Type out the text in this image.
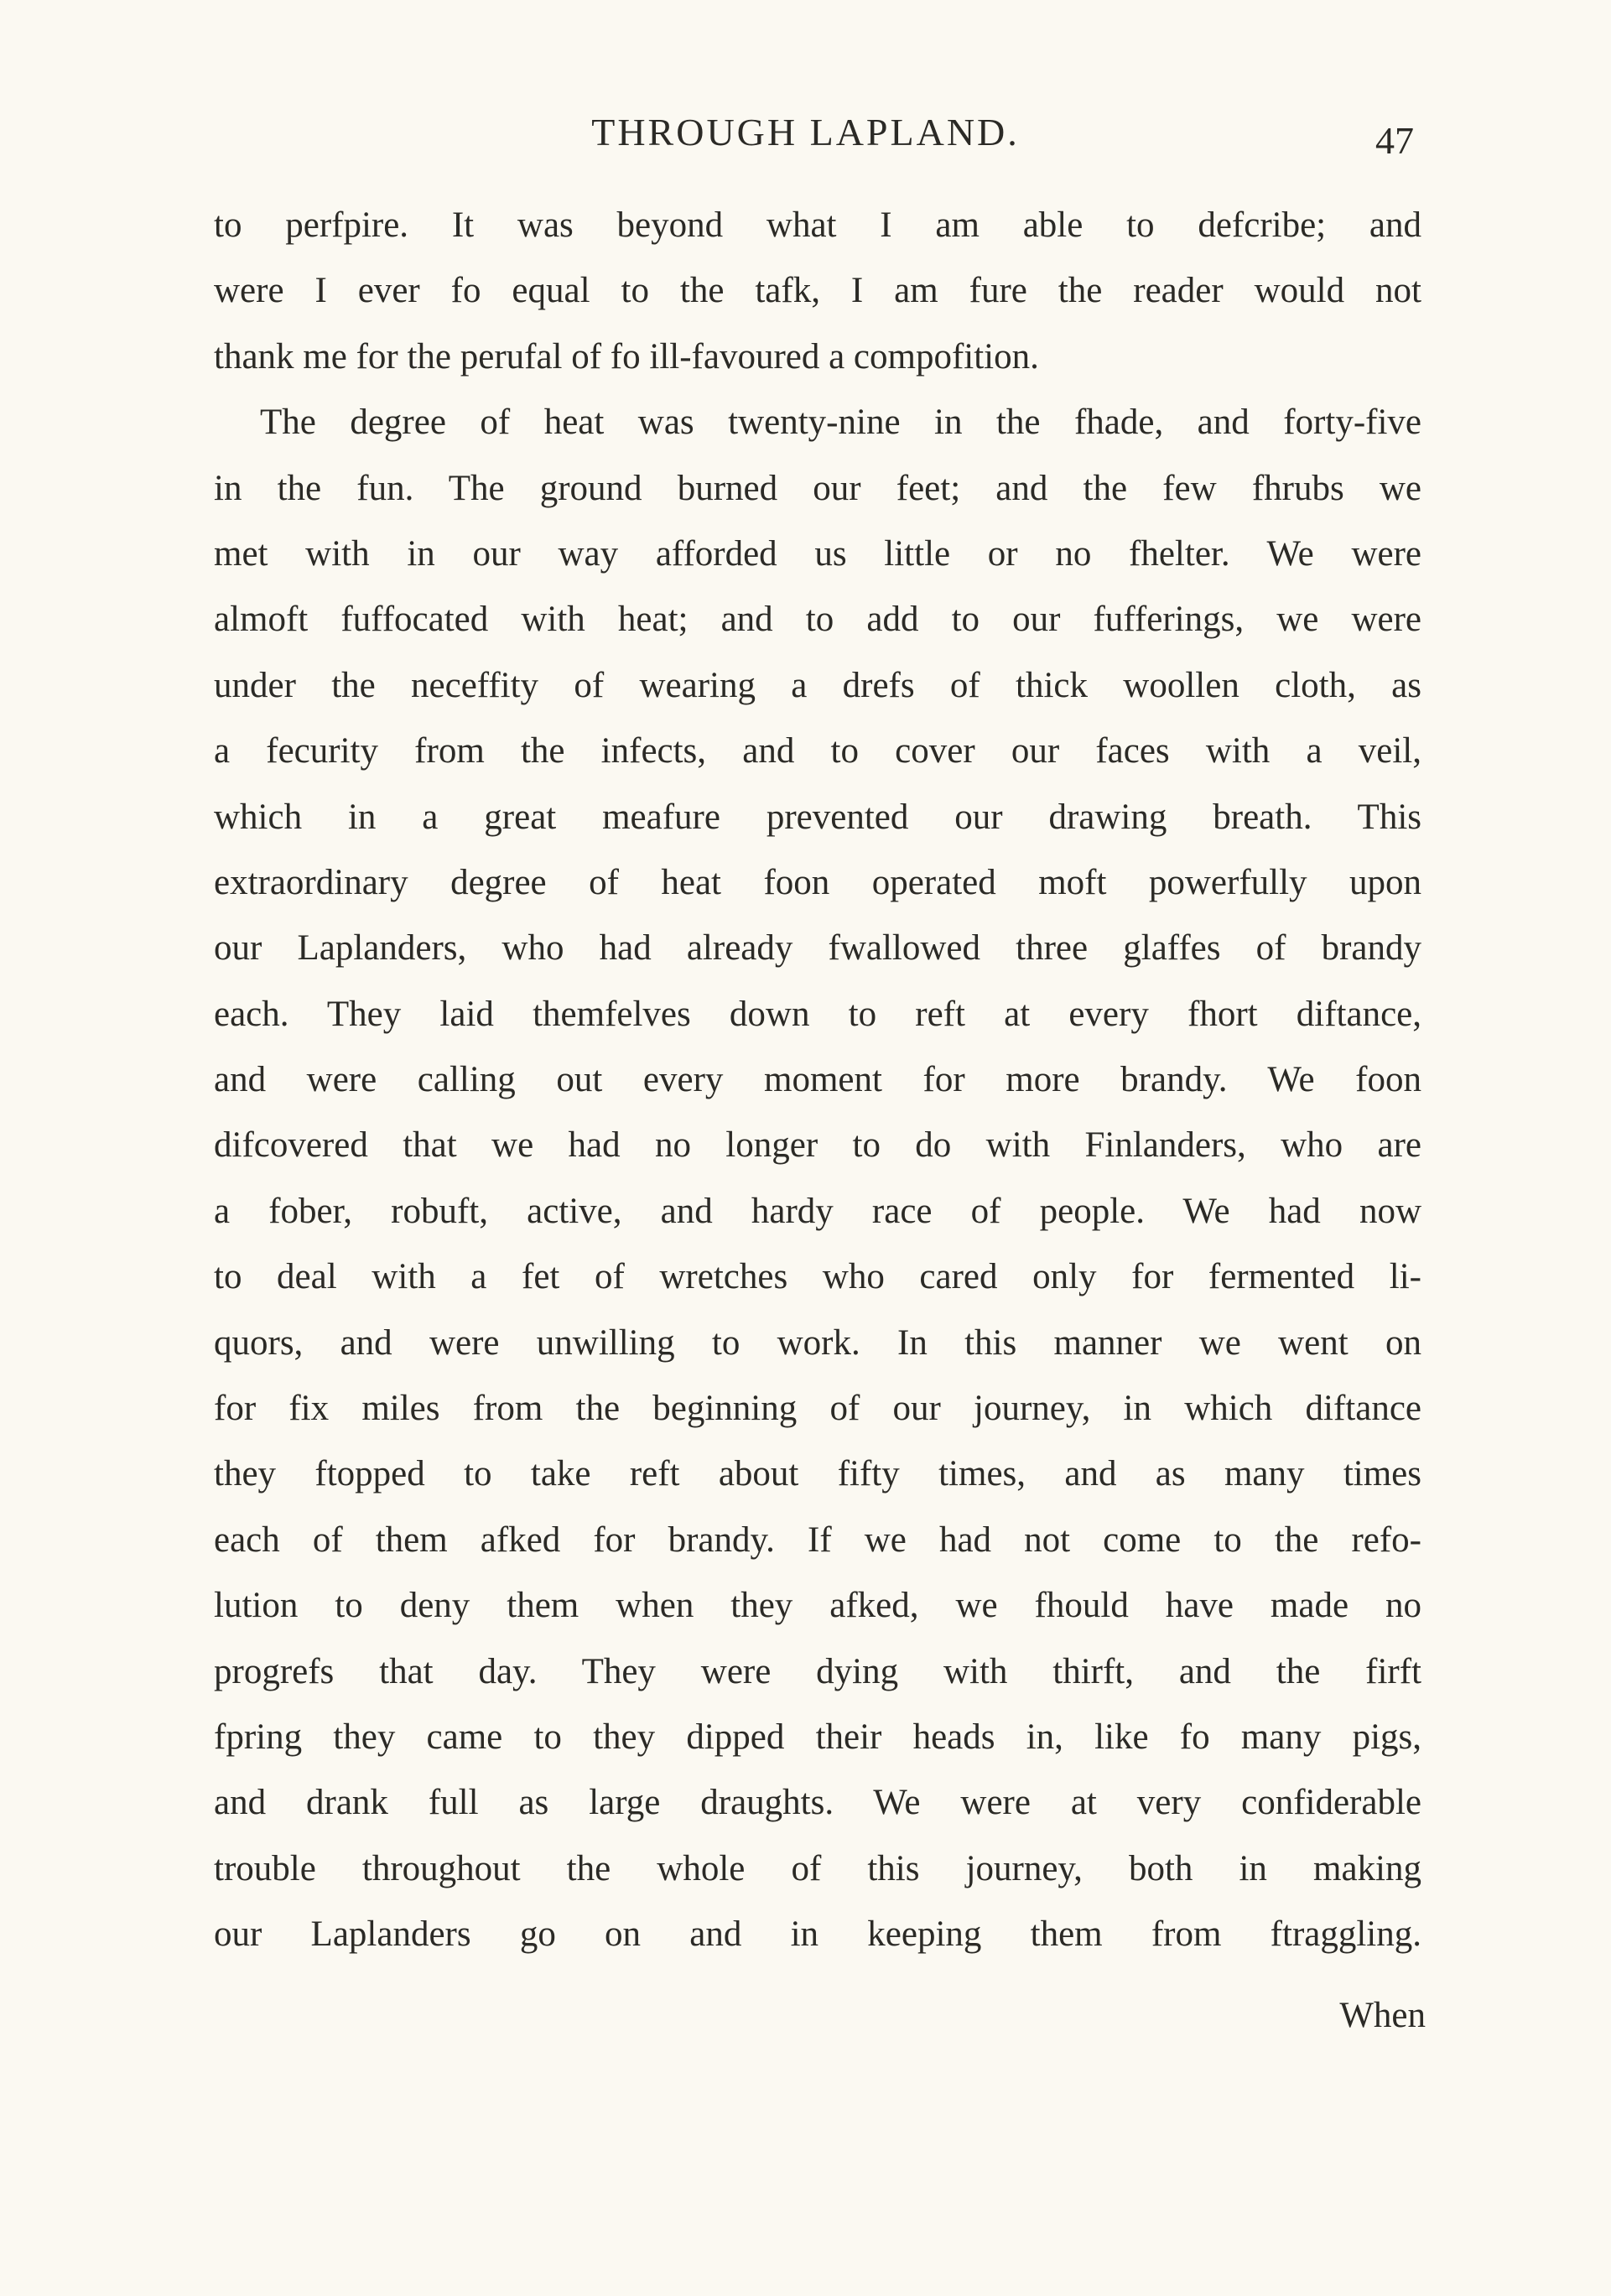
THROUGH LAPLAND.	47
to perfpire. It was beyond what I am able to defcribe; and
were I ever fo equal to the tafk, I am fure the reader would not
thank me for the perufal of fo ill-favoured a compofition.
The degree of heat was twenty-nine in the fhade, and forty-five
in the fun. The ground burned our feet; and the few fhrubs we
met with in our way afforded us little or no fhelter. We were
almoft fuffocated with heat; and to add to our fufferings, we were
under the neceffity of wearing a drefs of thick woollen cloth, as
a fecurity from the infects, and to cover our faces with a veil,
which in a great meafure prevented our drawing breath. This
extraordinary degree of heat foon operated moft powerfully upon
our Laplanders, who had already fwallowed three glaffes of brandy
each. They laid themfelves down to reft at every fhort diftance,
and were calling out every moment for more brandy. We foon
difcovered that we had no longer to do with Finlanders, who are
a fober, robuft, active, and hardy race of people. We had now
to deal with a fet of wretches who cared only for fermented li-
quors, and were unwilling to work. In this manner we went on
for fix miles from the beginning of our journey, in which diftance
they ftopped to take reft about fifty times, and as many times
each of them afked for brandy. If we had not come to the refo-
lution to deny them when they afked, we fhould have made no
progrefs that day. They were dying with thirft, and the firft
fpring they came to they dipped their heads in, like fo many pigs,
and drank full as large draughts. We were at very confiderable
trouble throughout the whole of this journey, both in making
our Laplanders go on and in keeping them from ftraggling.
When
